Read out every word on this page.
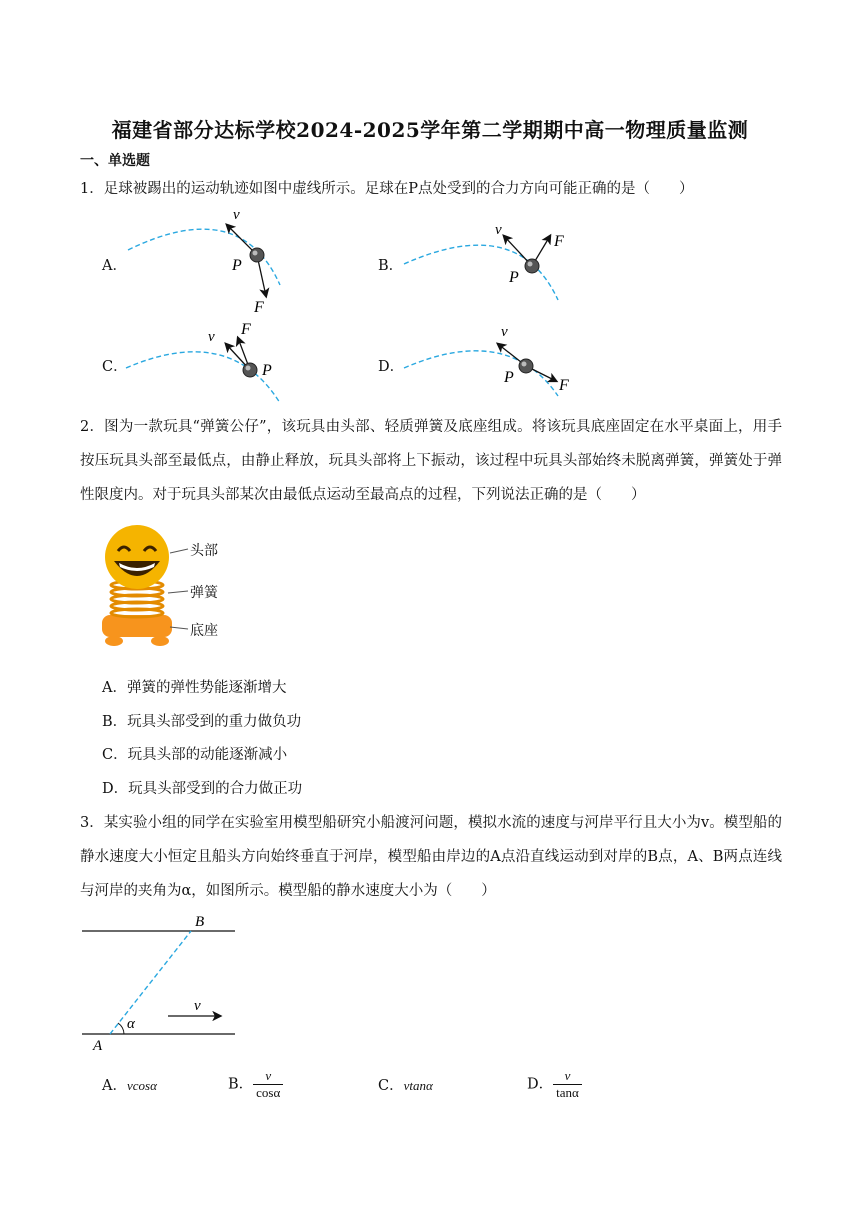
福建省部分达标学校2024-2025学年第二学期期中高一物理质量监测
一、单选题
1．足球被踢出的运动轨迹如图中虚线所示。足球在P点处受到的合力方向可能正确的是（　　）
A．
v
P
F
B．
v
F
P
C．
v F
P	D．
v
P	F
2．图为一款玩具“弹簧公仔”，该玩具由头部、轻质弹簧及底座组成。将该玩具底座固定在水平桌面上，用手按压玩具头部至最低点，由静止释放，玩具头部将上下振动，该过程中玩具头部始终未脱离弹簧，弹簧处于弹性限度内。对于玩具头部某次由最低点运动至最高点的过程，下列说法正确的是（　　）
头部
弹簧
底座
A．弹簧的弹性势能逐渐增大
B．玩具头部受到的重力做负功
C．玩具头部的动能逐渐减小
D．玩具头部受到的合力做正功
3．某实验小组的同学在实验室用模型船研究小船渡河问题，模拟水流的速度与河岸平行且大小为v。模型船的静水速度大小恒定且船头方向始终垂直于河岸，模型船由岸边的A点沿直线运动到对岸的B点，A、B两点连线与河岸的夹角为α，如图所示。模型船的静水速度大小为（　　）
B
A
v
α
A．vcosα	B． $\frac{v}{\cos\alpha}$	C．vtanα	D． $\frac{v}{\tan\alpha}$
